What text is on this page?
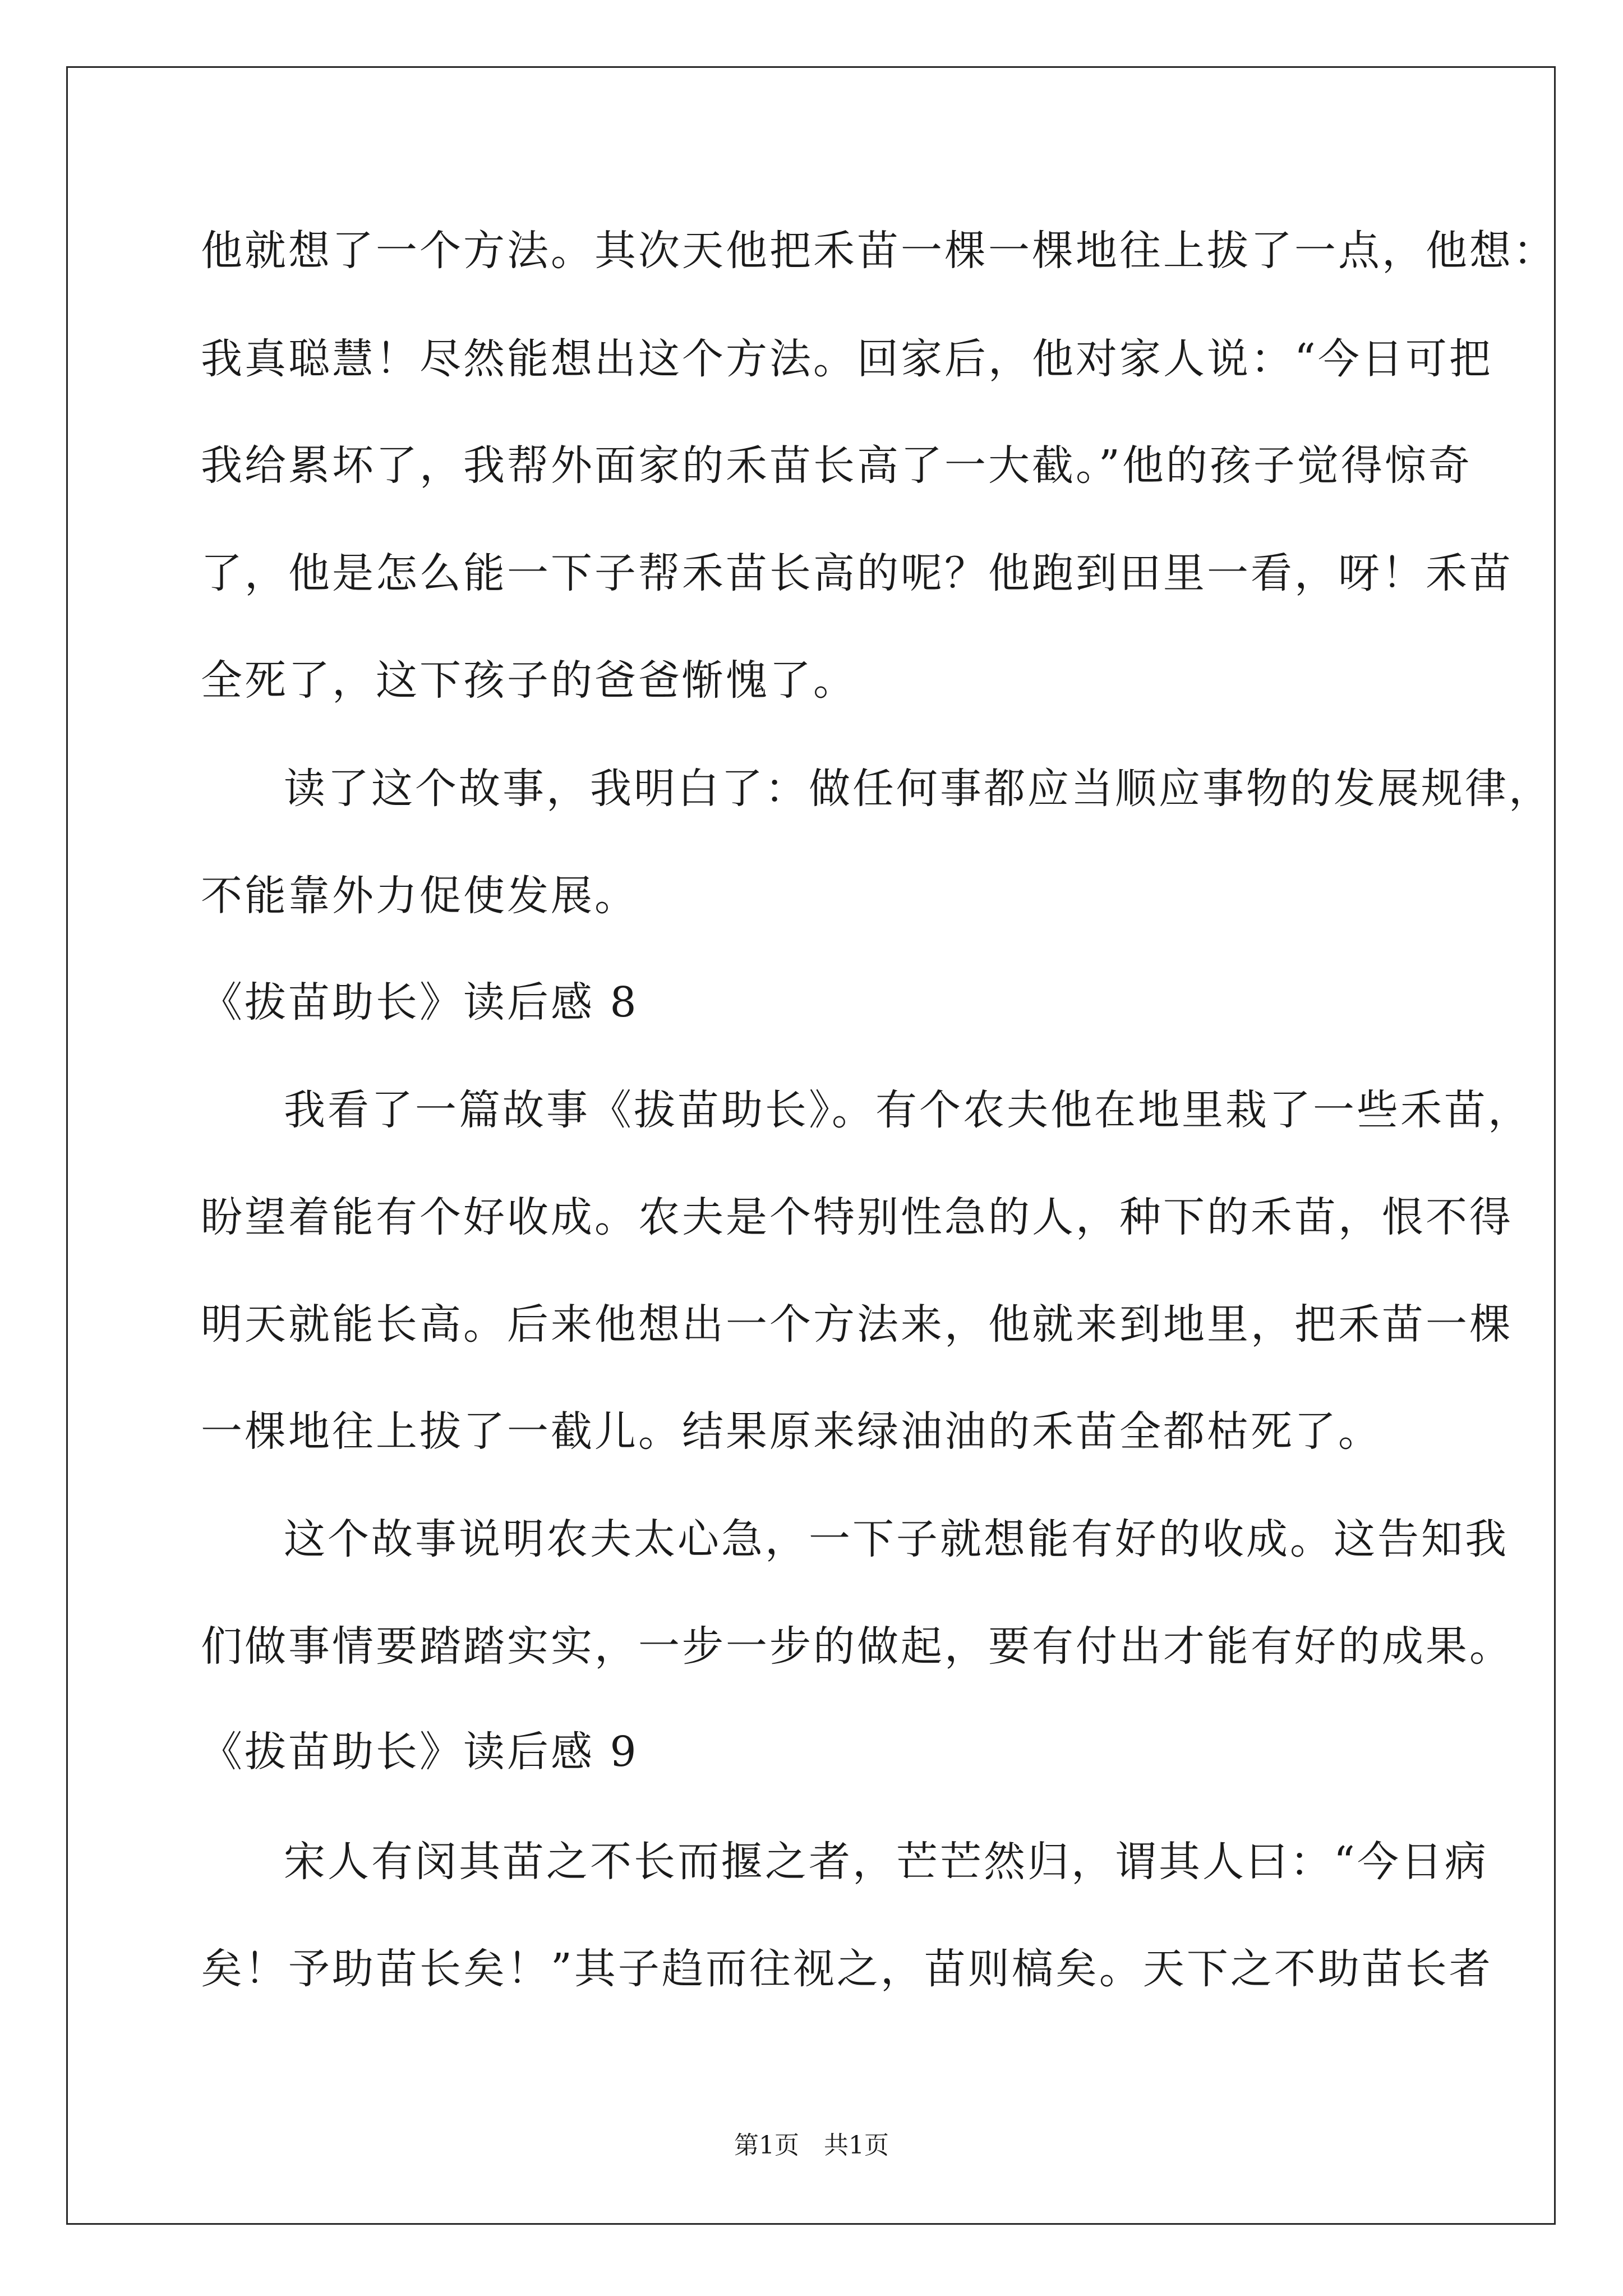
他就想了一个方法。其次天他把禾苗一棵一棵地往上拔了一点，他想：
我真聪慧！尽然能想出这个方法。回家后，他对家人说：“今日可把
我给累坏了，我帮外面家的禾苗长高了一大截。”他的孩子觉得惊奇
了，他是怎么能一下子帮禾苗长高的呢？他跑到田里一看，呀！禾苗
全死了，这下孩子的爸爸惭愧了。
读了这个故事，我明白了：做任何事都应当顺应事物的发展规律，
不能靠外力促使发展。
《拔苗助长》读后感 8
我看了一篇故事《拔苗助长》。有个农夫他在地里栽了一些禾苗，
盼望着能有个好收成。农夫是个特别性急的人，种下的禾苗，恨不得
明天就能长高。后来他想出一个方法来，他就来到地里，把禾苗一棵
一棵地往上拔了一截儿。结果原来绿油油的禾苗全都枯死了。
这个故事说明农夫太心急，一下子就想能有好的收成。这告知我
们做事情要踏踏实实，一步一步的做起，要有付出才能有好的成果。
《拔苗助长》读后感 9
宋人有闵其苗之不长而揠之者，芒芒然归，谓其人曰：“今日病
矣！予助苗长矣！”其子趋而往视之，苗则槁矣。天下之不助苗长者
第1页　共1页
